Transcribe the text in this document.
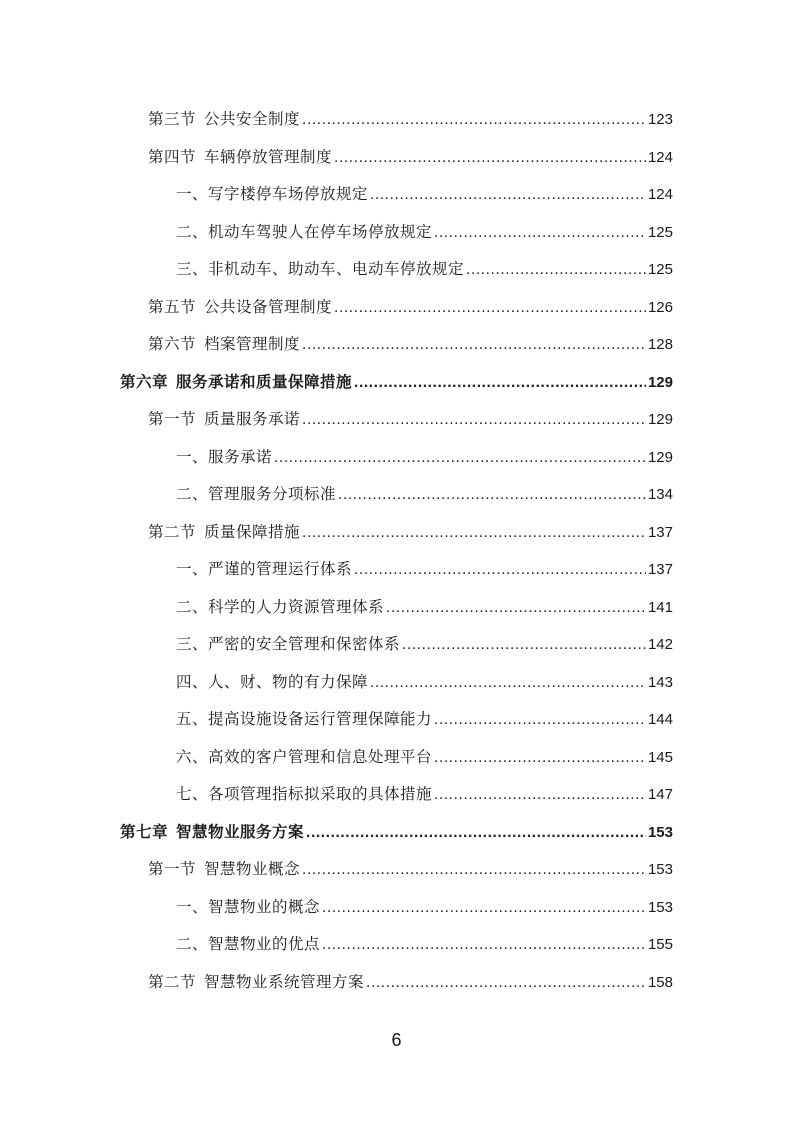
第三节 公共安全制度 .....	123
第四节 车辆停放管理制度 .....	124
一、写字楼停车场停放规定 .....	124
二、机动车驾驶人在停车场停放规定 .....	125
三、非机动车、助动车、电动车停放规定 .....	125
第五节 公共设备管理制度 .....	126
第六节 档案管理制度 .....	128
第六章 服务承诺和质量保障措施 .....	129
第一节 质量服务承诺 .....	129
一、服务承诺 .....	129
二、管理服务分项标准 .....	134
第二节 质量保障措施 .....	137
一、严谨的管理运行体系 .....	137
二、科学的人力资源管理体系 .....	141
三、严密的安全管理和保密体系 .....	142
四、人、财、物的有力保障 .....	143
五、提高设施设备运行管理保障能力 .....	144
六、高效的客户管理和信息处理平台 .....	145
七、各项管理指标拟采取的具体措施 .....	147
第七章 智慧物业服务方案 .....	153
第一节 智慧物业概念 .....	153
一、智慧物业的概念 .....	153
二、智慧物业的优点 .....	155
第二节 智慧物业系统管理方案 .....	158
6
